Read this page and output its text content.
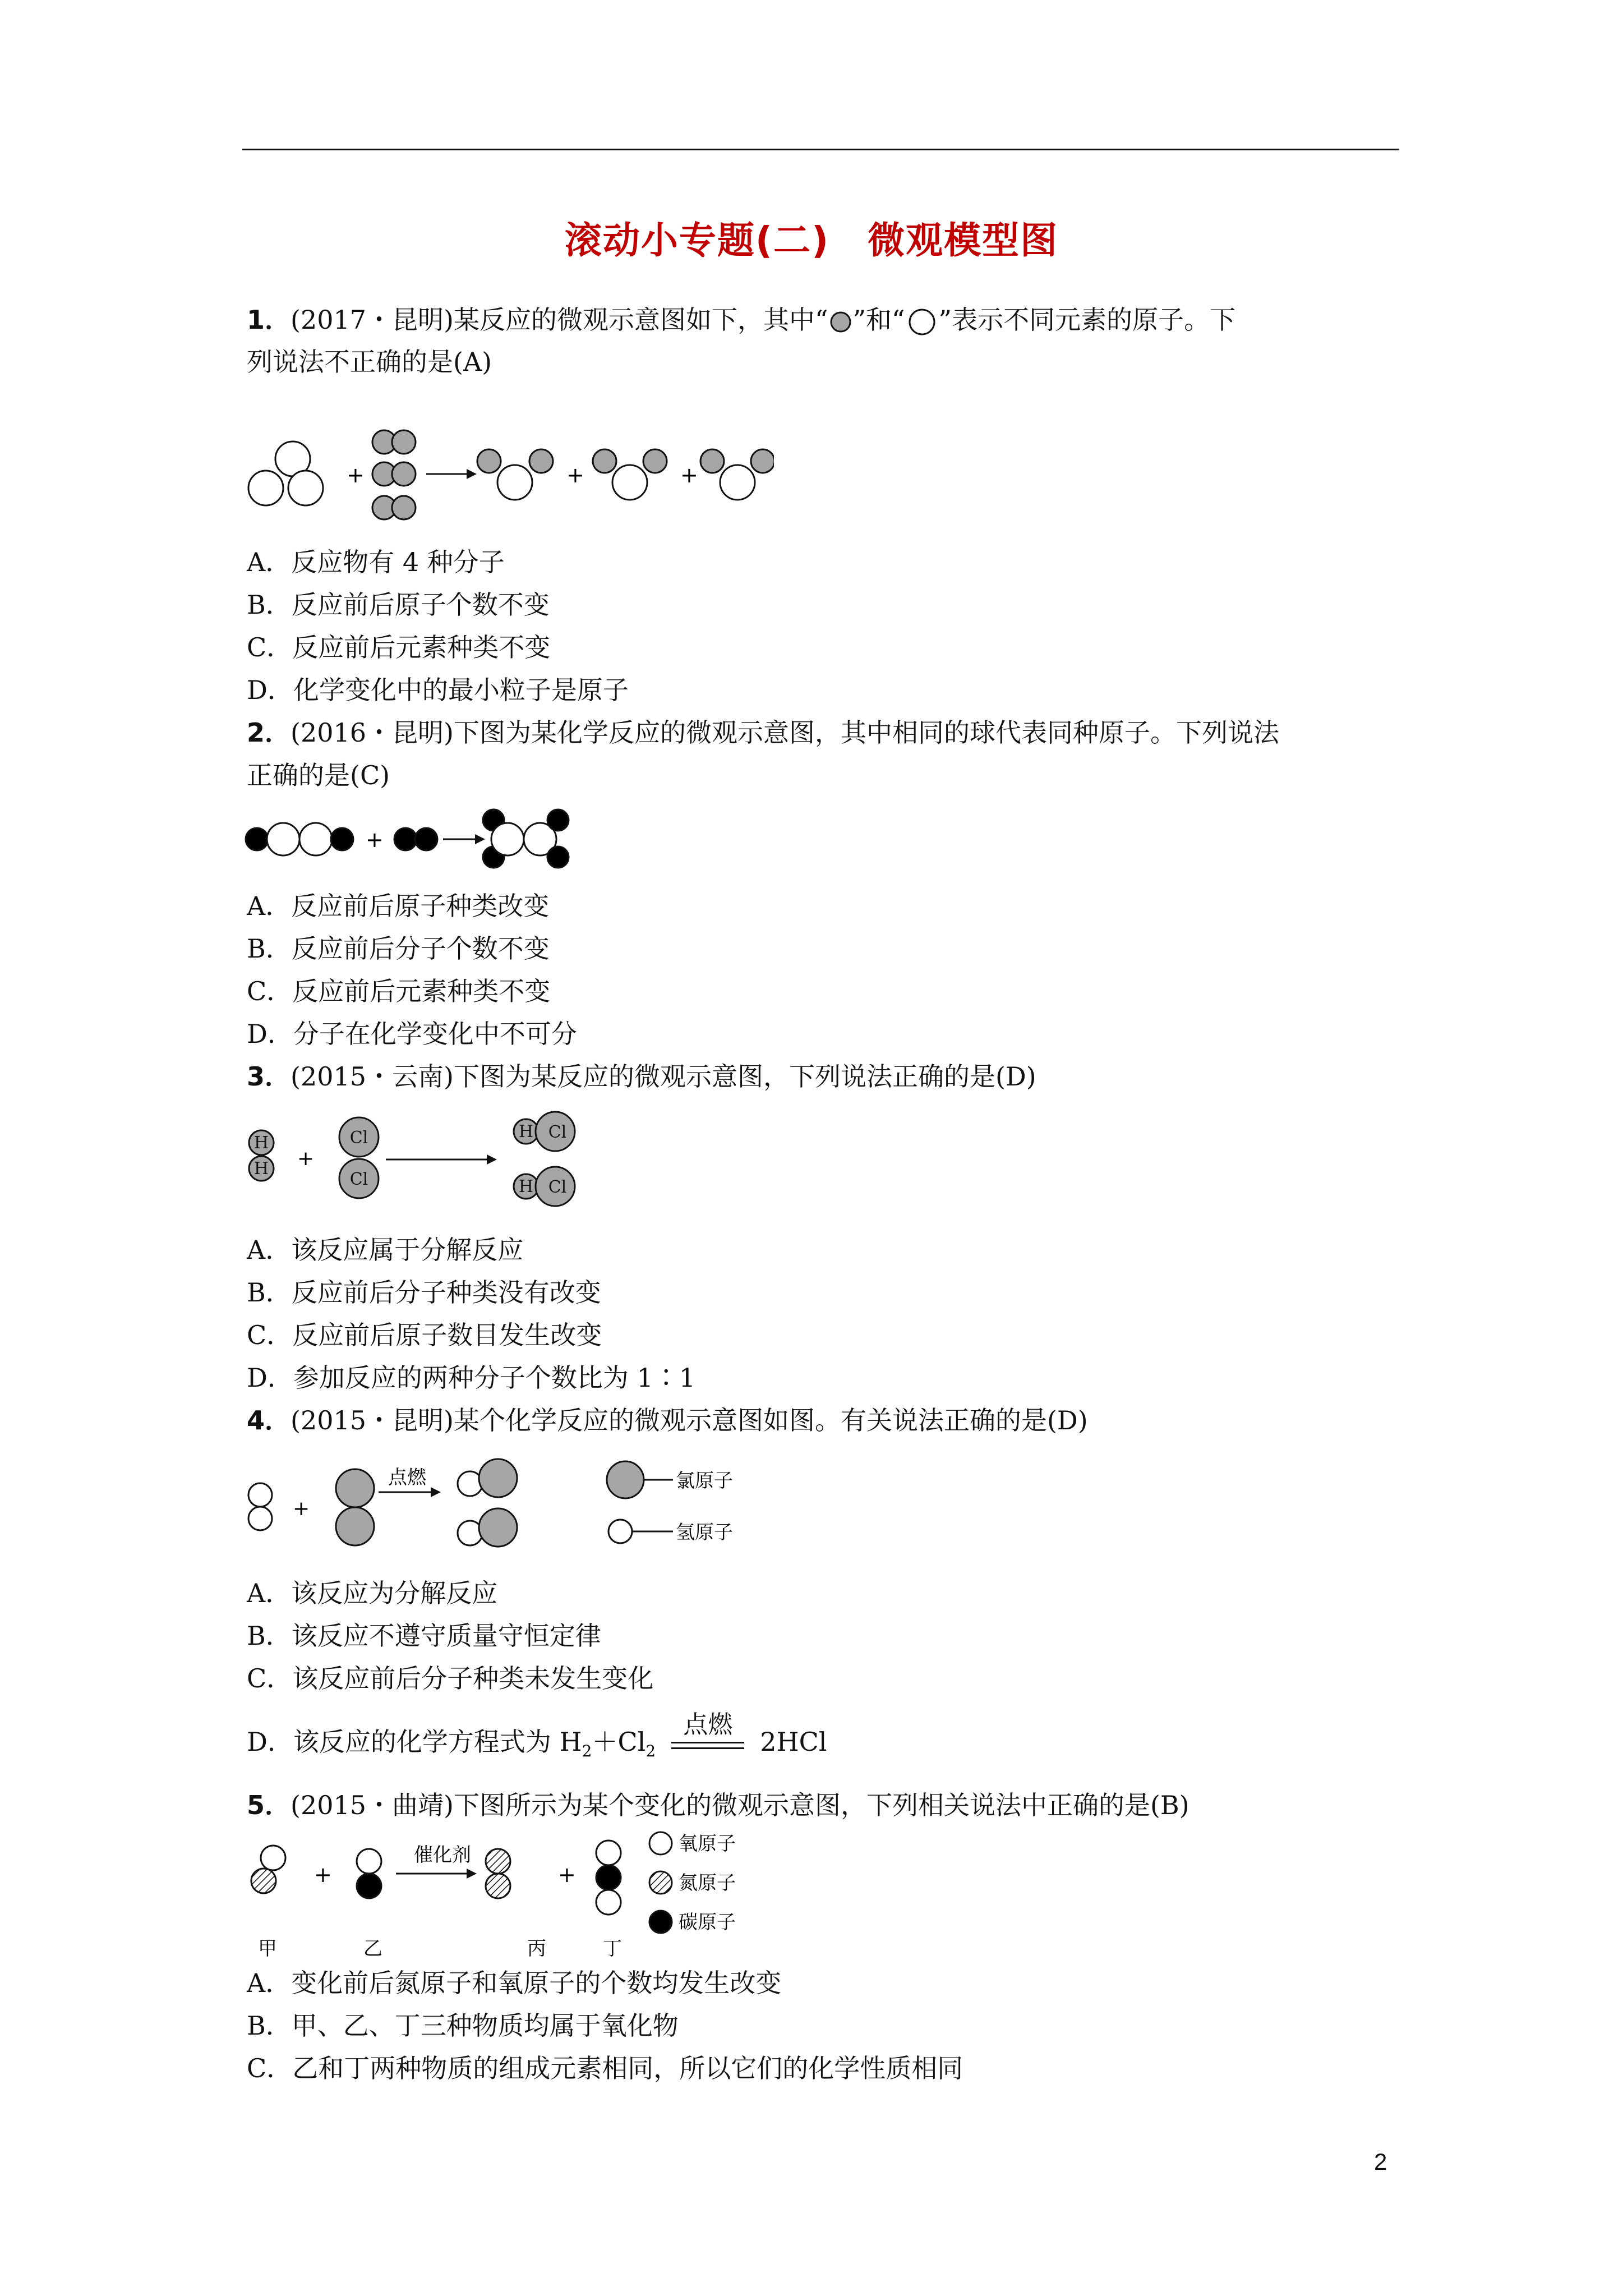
滚动小专题(二)　微观模型图
1．(2017・昆明)某反应的微观示意图如下，其中“ ”和“ ”表示不同元素的原子。下
列说法不正确的是(A)
+	+	+
A．反应物有 4 种分子
B．反应前后原子个数不变
C．反应前后元素种类不变
D．化学变化中的最小粒子是原子
2．(2016・昆明)下图为某化学反应的微观示意图，其中相同的球代表同种原子。下列说法
正确的是(C)
+
A．反应前后原子种类改变
B．反应前后分子个数不变
C．反应前后元素种类不变
D．分子在化学变化中不可分
3．(2015・云南)下图为某反应的微观示意图，下列说法正确的是(D)
H
H
Cl
Cl
H Cl
H Cl
+
A．该反应属于分解反应
B．反应前后分子种类没有改变
C．反应前后原子数目发生改变
D．参加反应的两种分子个数比为 1∶1
4．(2015・昆明)某个化学反应的微观示意图如图。有关说法正确的是(D)
点燃	氯原子
氢原子
+
A．该反应为分解反应
B．该反应不遵守质量守恒定律
C．该反应前后分子种类未发生变化
D．该反应的化学方程式为 $H_2+Cl_2$
点燃
2HCl
5．(2015・曲靖)下图所示为某个变化的微观示意图，下列相关说法中正确的是(B)
催化剂	氧原子
氮原子
碳原子
+	+
甲	乙	丙	丁
A．变化前后氮原子和氧原子的个数均发生改变
B．甲、乙、丁三种物质均属于氧化物
C．乙和丁两种物质的组成元素相同，所以它们的化学性质相同
2
